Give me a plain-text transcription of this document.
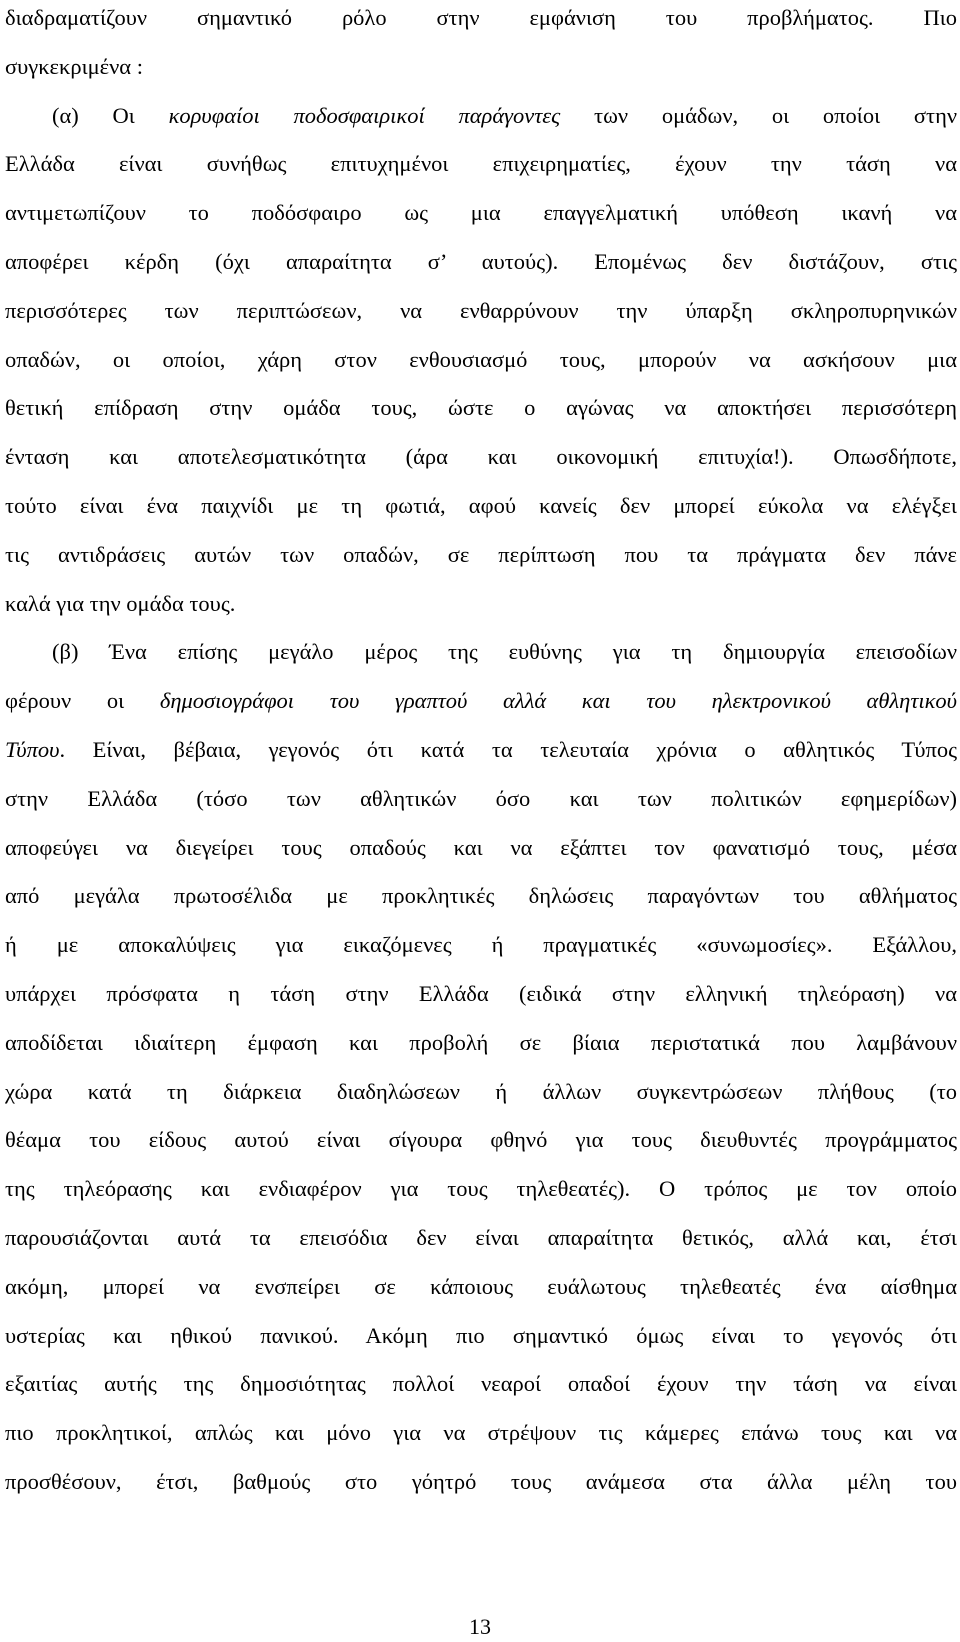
διαδραματίζουν σημαντικό ρόλο στην εμφάνιση του προβλήματος. Πιο
συγκεκριμένα :
(α) Οι κορυφαίοι ποδοσφαιρικοί παράγοντες των ομάδων, οι οποίοι στην
Ελλάδα είναι συνήθως επιτυχημένοι επιχειρηματίες, έχουν την τάση να
αντιμετωπίζουν το ποδόσφαιρο ως μια επαγγελματική υπόθεση ικανή να
αποφέρει κέρδη (όχι απαραίτητα σ’ αυτούς). Επομένως δεν διστάζουν, στις
περισσότερες των περιπτώσεων, να ενθαρρύνουν την ύπαρξη σκληροπυρηνικών
οπαδών, οι οποίοι, χάρη στον ενθουσιασμό τους, μπορούν να ασκήσουν μια
θετική επίδραση στην ομάδα τους, ώστε ο αγώνας να αποκτήσει περισσότερη
ένταση και αποτελεσματικότητα (άρα και οικονομική επιτυχία!). Οπωσδήποτε,
τούτο είναι ένα παιχνίδι με τη φωτιά, αφού κανείς δεν μπορεί εύκολα να ελέγξει
τις αντιδράσεις αυτών των οπαδών, σε περίπτωση που τα πράγματα δεν πάνε
καλά για την ομάδα τους.
(β) Ένα επίσης μεγάλο μέρος της ευθύνης για τη δημιουργία επεισοδίων
φέρουν οι δημοσιογράφοι του γραπτού αλλά και του ηλεκτρονικού αθλητικού
Τύπου. Είναι, βέβαια, γεγονός ότι κατά τα τελευταία χρόνια ο αθλητικός Τύπος
στην Ελλάδα (τόσο των αθλητικών όσο και των πολιτικών εφημερίδων)
αποφεύγει να διεγείρει τους οπαδούς και να εξάπτει τον φανατισμό τους, μέσα
από μεγάλα πρωτοσέλιδα με προκλητικές δηλώσεις παραγόντων του αθλήματος
ή με αποκαλύψεις για εικαζόμενες ή πραγματικές «συνωμοσίες». Εξάλλου,
υπάρχει πρόσφατα η τάση στην Ελλάδα (ειδικά στην ελληνική τηλεόραση) να
αποδίδεται ιδιαίτερη έμφαση και προβολή σε βίαια περιστατικά που λαμβάνουν
χώρα κατά τη διάρκεια διαδηλώσεων ή άλλων συγκεντρώσεων πλήθους (το
θέαμα του είδους αυτού είναι σίγουρα φθηνό για τους διευθυντές προγράμματος
της τηλεόρασης και ενδιαφέρον για τους τηλεθεατές). Ο τρόπος με τον οποίο
παρουσιάζονται αυτά τα επεισόδια δεν είναι απαραίτητα θετικός, αλλά και, έτσι
ακόμη, μπορεί να ενσπείρει σε κάποιους ευάλωτους τηλεθεατές ένα αίσθημα
υστερίας και ηθικού πανικού. Ακόμη πιο σημαντικό όμως είναι το γεγονός ότι
εξαιτίας αυτής της δημοσιότητας πολλοί νεαροί οπαδοί έχουν την τάση να είναι
πιο προκλητικοί, απλώς και μόνο για να στρέψουν τις κάμερες επάνω τους και να
προσθέσουν, έτσι, βαθμούς στο γόητρό τους ανάμεσα στα άλλα μέλη του
13
